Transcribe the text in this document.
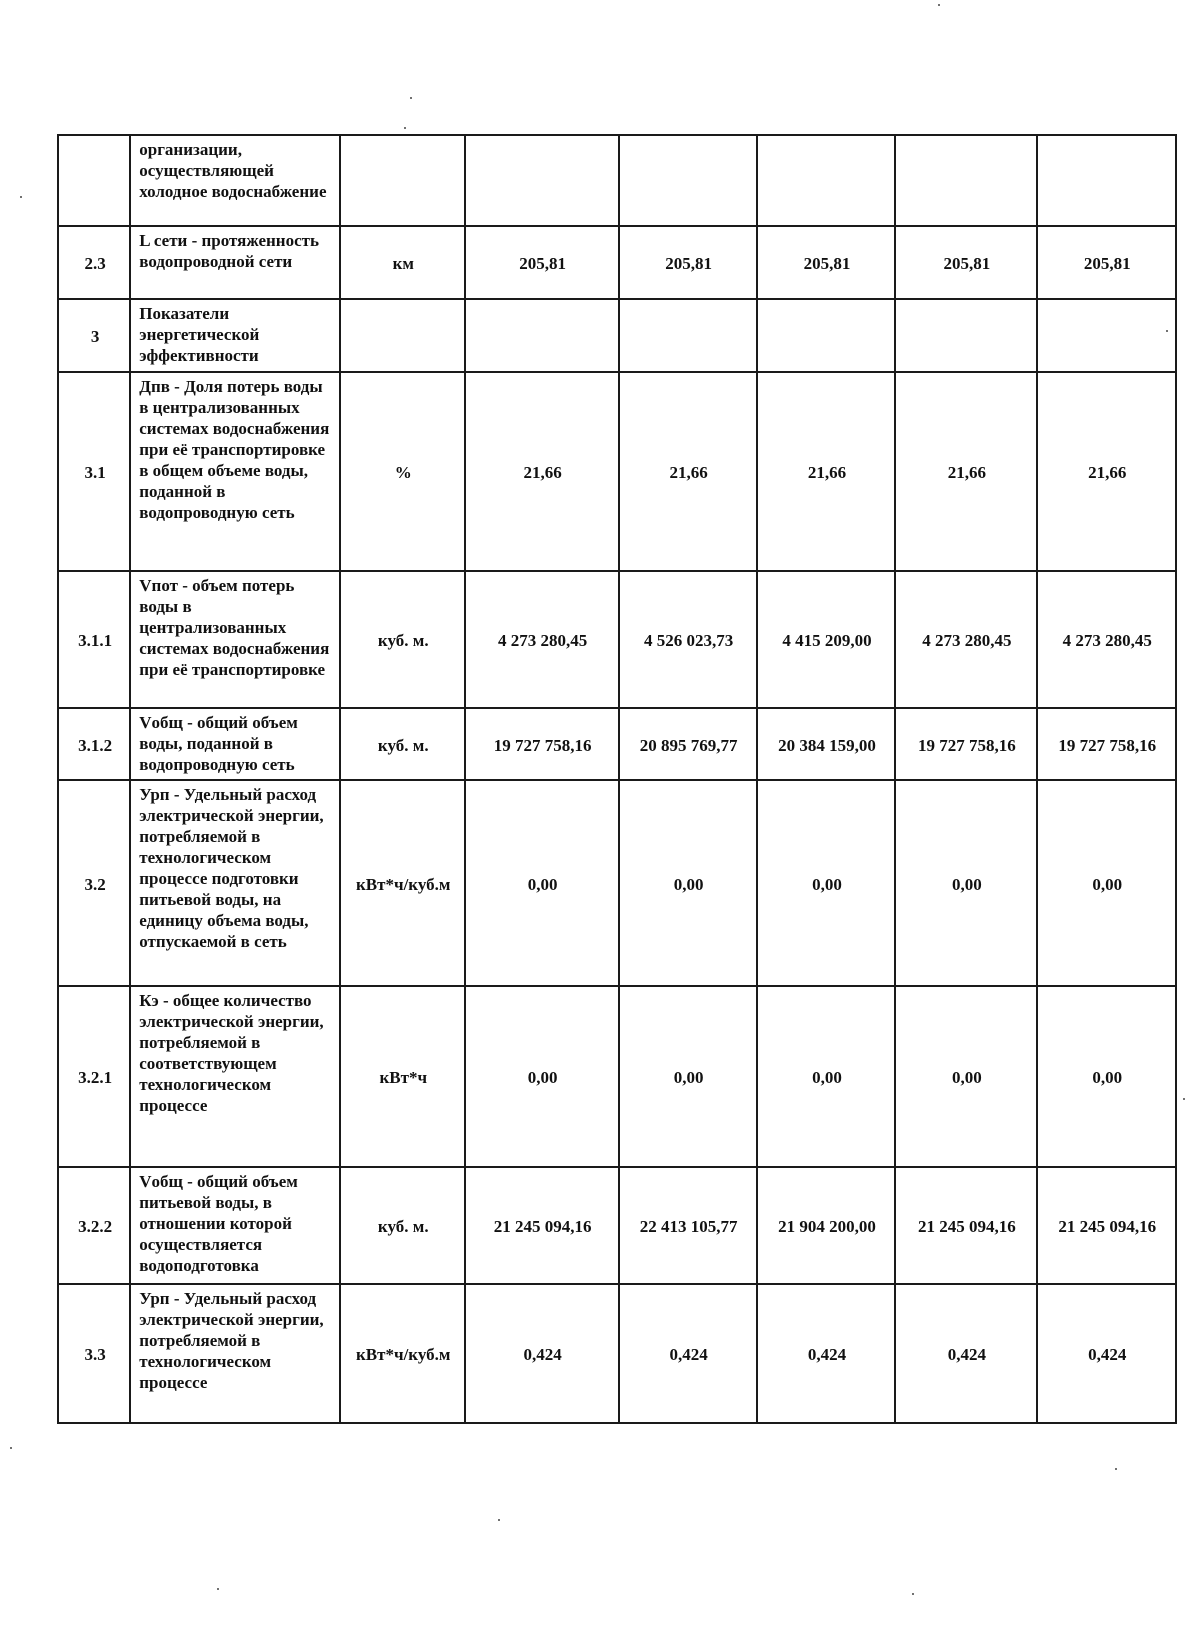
	организации, осуществляющей холодное водоснабжение						
2.3	L сети - протяженность водопроводной сети	км	205,81	205,81	205,81	205,81	205,81
3	Показатели энергетической эффективности						
3.1	Дпв - Доля потерь воды в централизованных системах водоснабжения при её транспортировке в общем объеме воды, поданной в водопроводную сеть	%	21,66	21,66	21,66	21,66	21,66
3.1.1	Vпот - объем потерь воды в централизованных системах водоснабжения при её транспортировке	куб. м.	4 273 280,45	4 526 023,73	4 415 209,00	4 273 280,45	4 273 280,45
3.1.2	Vобщ - общий объем воды, поданной в водопроводную сеть	куб. м.	19 727 758,16	20 895 769,77	20 384 159,00	19 727 758,16	19 727 758,16
3.2	Урп - Удельный расход электрической энергии, потребляемой в технологическом процессе подготовки питьевой воды, на единицу объема воды, отпускаемой в сеть	кВт*ч/куб.м	0,00	0,00	0,00	0,00	0,00
3.2.1	Кэ - общее количество электрической энергии, потребляемой в соответствующем технологическом процессе	кВт*ч	0,00	0,00	0,00	0,00	0,00
3.2.2	Vобщ - общий объем питьевой воды, в отношении которой осуществляется водоподготовка	куб. м.	21 245 094,16	22 413 105,77	21 904 200,00	21 245 094,16	21 245 094,16
3.3	Урп - Удельный расход электрической энергии, потребляемой в технологическом процессе	кВт*ч/куб.м	0,424	0,424	0,424	0,424	0,424
